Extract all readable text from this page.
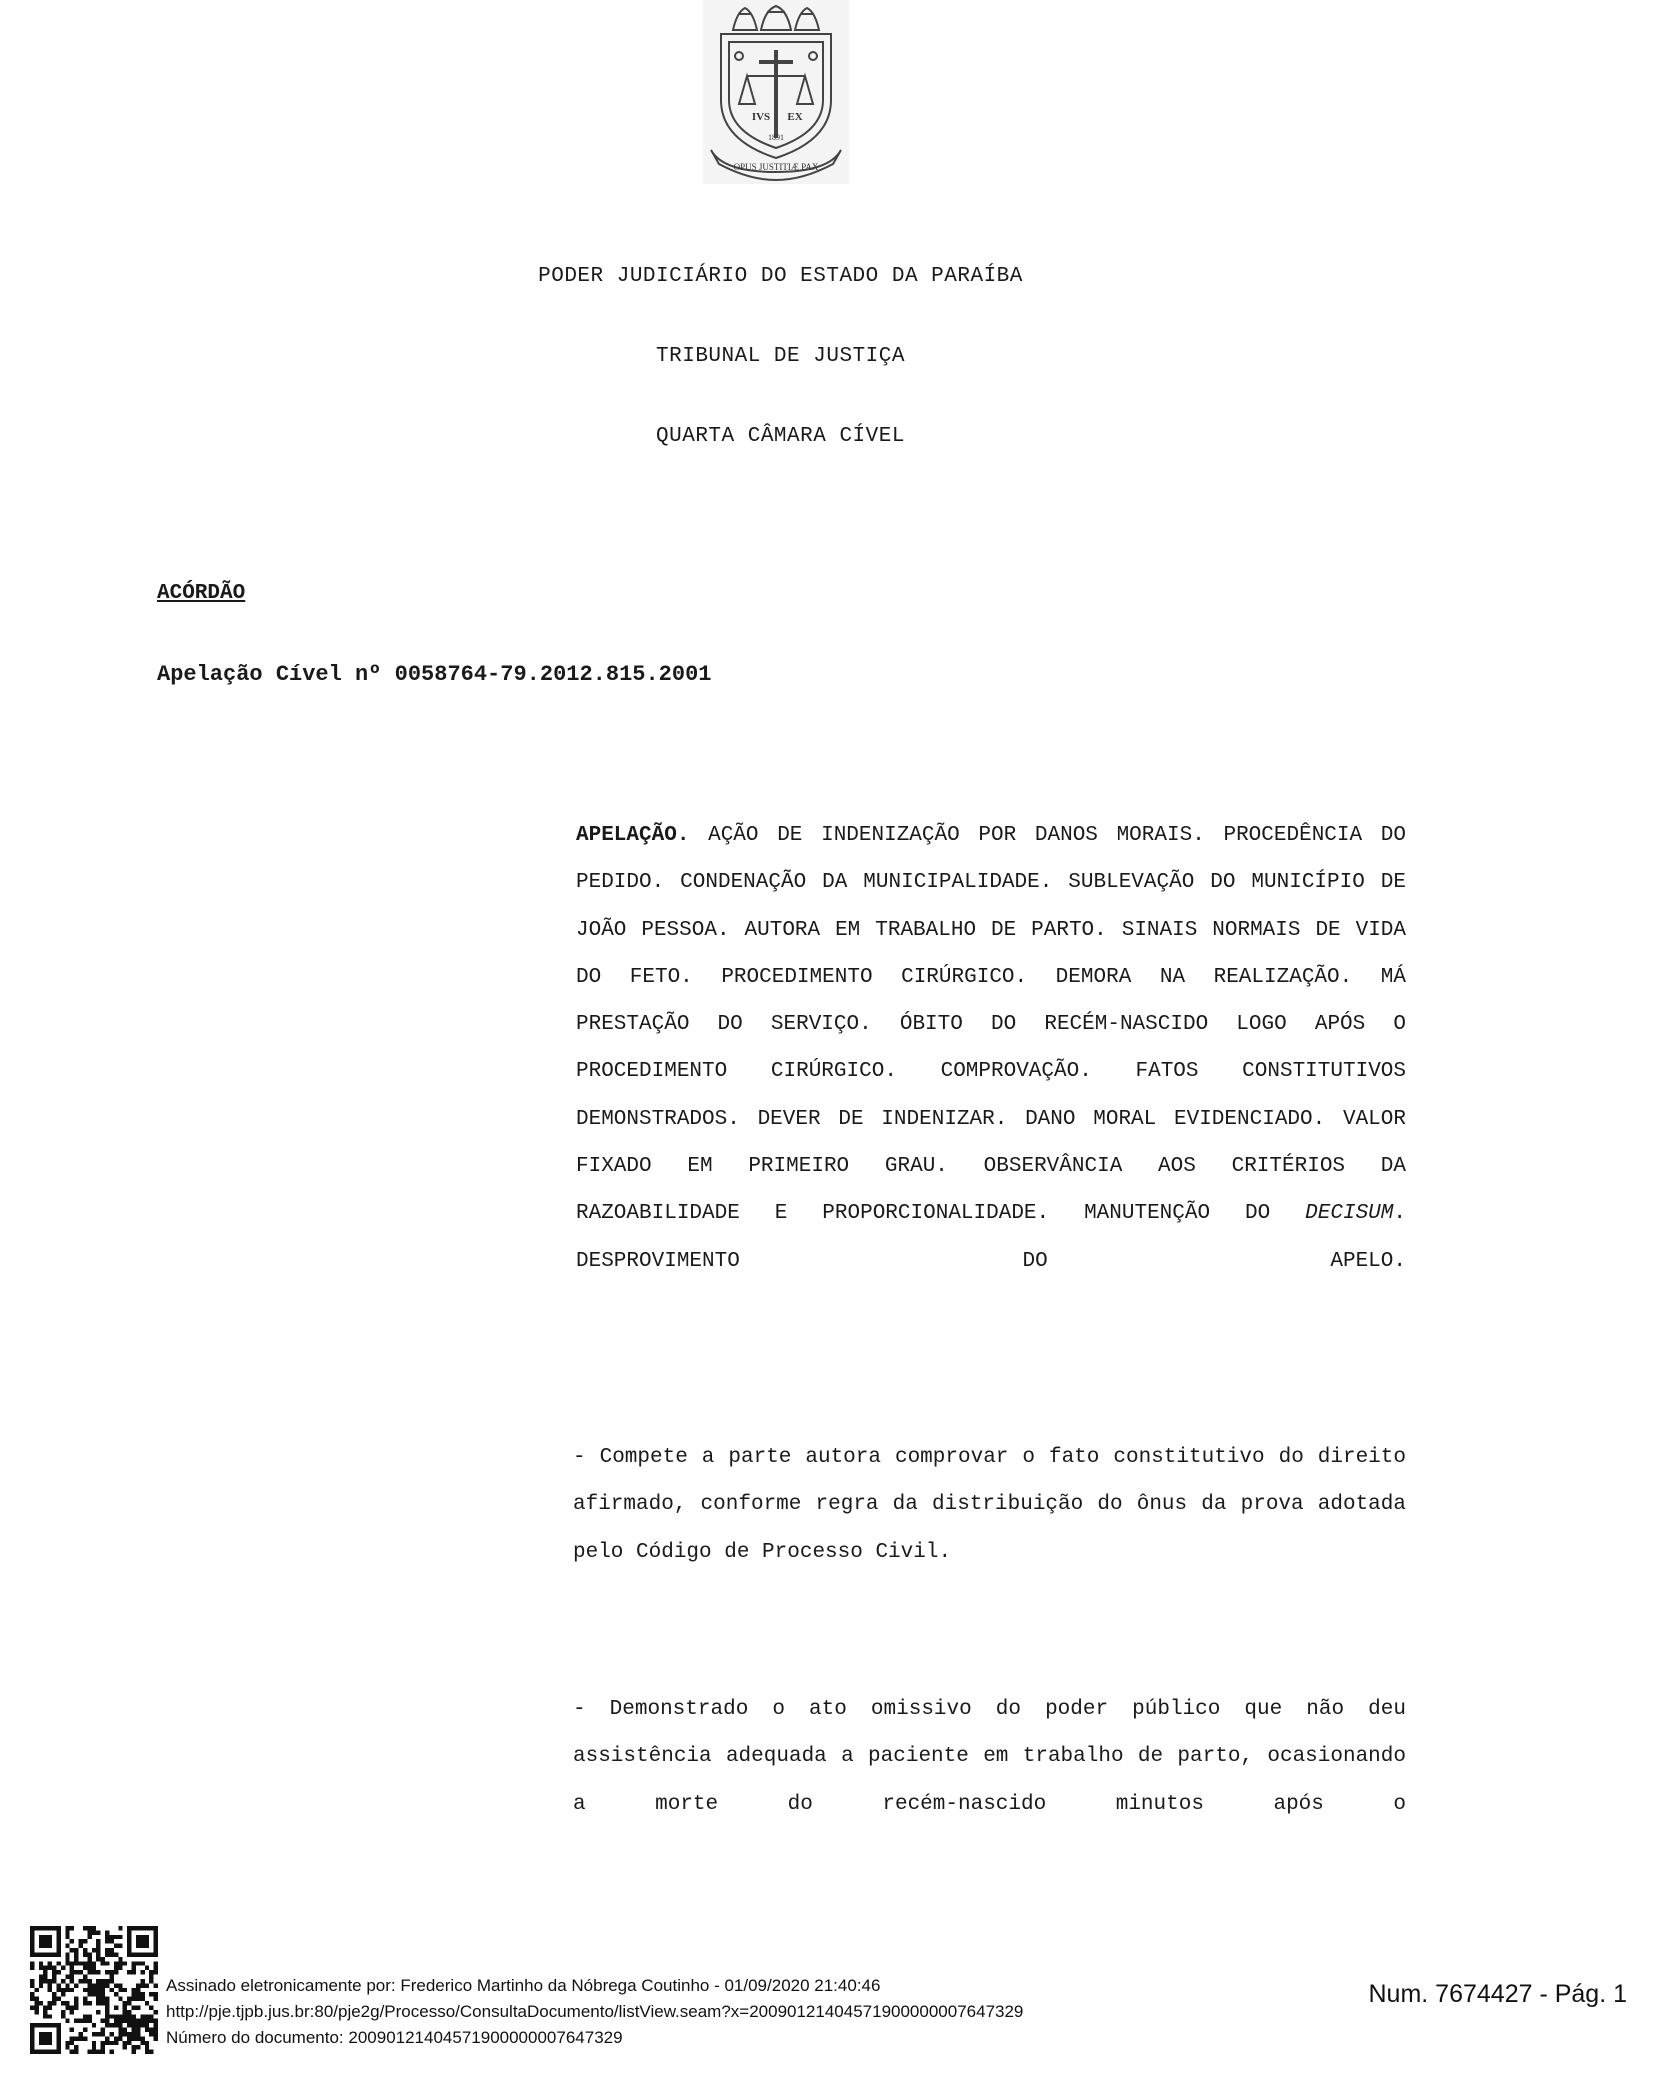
IVS EX
1891
OPUS JUSTITIÆ PAX
PODER JUDICIÁRIO DO ESTADO DA PARAÍBA
TRIBUNAL DE JUSTIÇA
QUARTA CÂMARA CÍVEL
ACÓRDÃO
Apelação Cível nº 0058764-79.2012.815.2001

APELAÇÃO. AÇÃO DE INDENIZAÇÃO POR DANOS MORAIS. PROCEDÊNCIA DO PEDIDO. CONDENAÇÃO DA MUNICIPALIDADE. SUBLEVAÇÃO DO MUNICÍPIO DE JOÃO PESSOA. AUTORA EM TRABALHO DE PARTO. SINAIS NORMAIS DE VIDA DO FETO. PROCEDIMENTO CIRÚRGICO. DEMORA NA REALIZAÇÃO. MÁ PRESTAÇÃO DO SERVIÇO. ÓBITO DO RECÉM-NASCIDO LOGO APÓS O PROCEDIMENTO CIRÚRGICO. COMPROVAÇÃO. FATOS CONSTITUTIVOS DEMONSTRADOS. DEVER DE INDENIZAR. DANO MORAL EVIDENCIADO. VALOR FIXADO EM PRIMEIRO GRAU. OBSERVÂNCIA AOS CRITÉRIOS DA RAZOABILIDADE E PROPORCIONALIDADE. MANUTENÇÃO DO DECISUM. DESPROVIMENTO DO APELO.

- Compete a parte autora comprovar o fato constitutivo do direito afirmado, conforme regra da distribuição do ônus da prova adotada pelo Código de Processo Civil.

- Demonstrado o ato omissivo do poder público que não deu assistência adequada a paciente em trabalho de parto, ocasionando a morte do recém-nascido minutos após o

Assinado eletronicamente por: Frederico Martinho da Nóbrega Coutinho - 01/09/2020 21:40:46
http://pje.tjpb.jus.br:80/pje2g/Processo/ConsultaDocumento/listView.seam?x=20090121404571900000007647329
Número do documento: 20090121404571900000007647329
Num. 7674427 - Pág. 1
